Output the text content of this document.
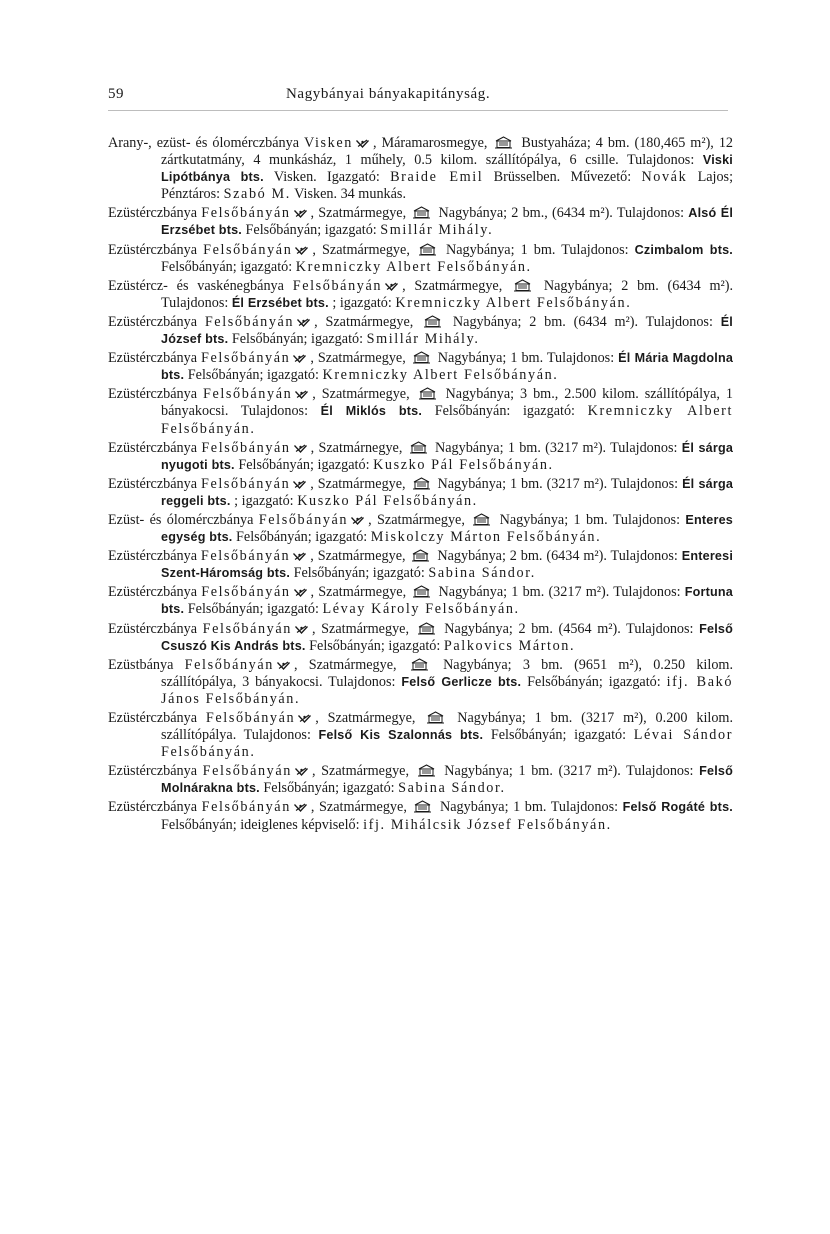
59	Nagybányai bányakapitányság.

Arany-, ezüst- és ólomérczbánya Visken , Máramarosmegye, Bustyaháza; 4 bm. (180,465 m²), 12 zártkutatmány, 4 munkásház, 1 műhely, 0.5 kilom. szállítópálya, 6 csille. Tulajdonos: Viski Lipótbánya bts. Visken. Igazgató: Braide Emil Brüsselben. Művezető: Novák Lajos; Pénztáros: Szabó M. Visken. 34 munkás.

Ezüstérczbánya Felsőbányán , Szatmármegye, Nagybánya; 2 bm., (6434 m²). Tulajdonos: Alsó Él Erzsébet bts. Felsőbányán; igazgató: Smillár Mihály.

Ezüstérczbánya Felsőbányán , Szatmármegye,	Nagybánya; 1 bm. Tulajdonos: Czimbalom bts. Felsőbányán; igazgató: Kremniczky Albert Felsőbányán.

Ezüstércz- és vaskénegbánya Felsőbányán , Szatmármegye,	Nagybánya; 2 bm. (6434 m²). Tulajdonos: Él Erzsébet bts. ; igazgató: Kremniczky Albert Felsőbányán.

Ezüstérczbánya Felsőbányán , Szatmármegye,	Nagybánya; 2 bm. (6434 m²). Tulajdonos: Él József bts. Felsőbányán; igazgató: Smillár Mihály.

Ezüstérczbánya Felsőbányán , Szatmármegye, Nagybánya; 1 bm. Tulajdonos: Él Mária Magdolna bts. Felsőbányán; igazgató: Kremniczky Albert Felsőbányán.

Ezüstérczbánya Felsőbányán , Szatmármegye,	Nagybánya; 3 bm., 2.500 kilom. szállítópálya, 1 bányakocsi. Tulajdonos: Él Miklós bts. Felsőbányán: igazgató: Kremniczky Albert Felsőbányán.

Ezüstérczbánya Felsőbányán , Szatmárnegye, Nagybánya; 1 bm. (3217 m²). Tulajdonos: Él sárga nyugoti bts. Felsőbányán; igazgató: Kuszko Pál Felsőbányán.

Ezüstérczbánya Felsőbányán , Szatmármegye, Nagybánya; 1 bm. (3217 m²). Tulajdonos: Él sárga reggeli bts. ; igazgató: Kuszko Pál Felsőbányán.

Ezüst- és ólomérczbánya Felsőbányán , Szatmármegye, Nagybánya; 1 bm. Tulajdonos: Enteres egység bts. Felsőbányán; igazgató: Miskolczy Márton Felsőbányán.

Ezüstérczbánya Felsőbányán , Szatmármegye, Nagybánya; 2 bm. (6434 m²). Tulajdonos: Enteresi Szent-Háromság bts. Felsőbányán; igazgató: Sabina Sándor.

Ezüstérczbánya Felsőbányán , Szatmármegye, Nagybánya; 1 bm. (3217 m²). Tulajdonos: Fortuna bts. Felsőbányán; igazgató: Lévay Károly Felsőbányán.

Ezüstérczbánya Felsőbányán , Szatmármegye, Nagybánya; 2 bm. (4564 m²). Tulajdonos: Felső Csuszó Kis András bts. Felsőbányán; igazgató: Palkovics Márton.

Ezüstbánya Felsőbányán , Szatmármegye,	Nagybánya; 3 bm. (9651 m²), 0.250 kilom. szállítópálya, 3 bányakocsi. Tulajdonos: Felső Gerlicze bts. Felsőbányán; igazgató: ifj. Bakó János Felsőbányán.

Ezüstérczbánya Felsőbányán , Szatmármegye,	Nagybánya; 1 bm. (3217 m²), 0.200 kilom. szállítópálya. Tulajdonos: Felső Kis Szalonnás bts. Felsőbányán; igazgató: Lévai Sándor Felsőbányán.

Ezüstérczbánya Felsőbányán , Szatmármegye, Nagybánya; 1 bm. (3217 m²). Tulajdonos: Felső Molnárakna bts. Felsőbányán; igazgató: Sabina Sándor.

Ezüstérczbánya Felsőbányán , Szatmármegye, Nagybánya; 1 bm. Tulajdonos: Felső Rogáté bts. Felsőbányán; ideiglenes képviselő: ifj. Mihálcsik József Felsőbányán.
